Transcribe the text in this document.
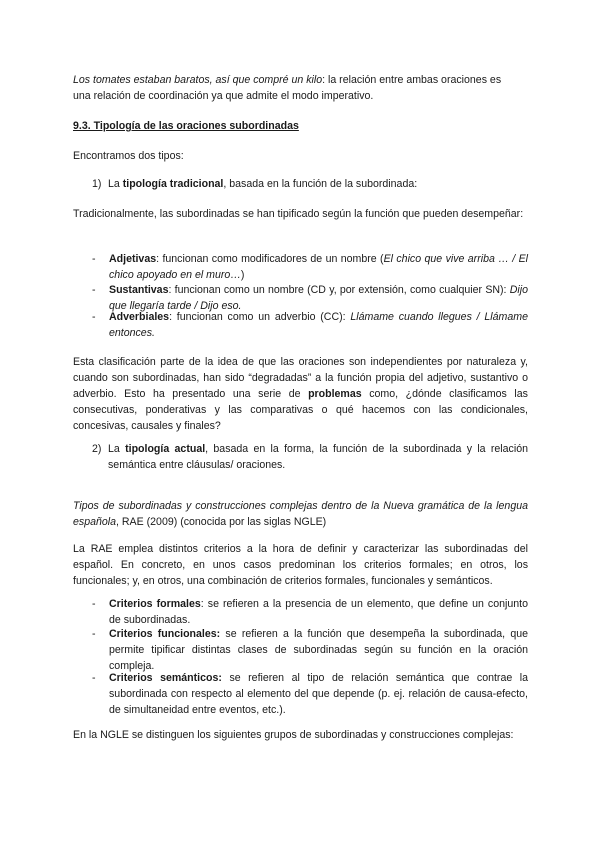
Los tomates estaban baratos, así que compré un kilo: la relación entre ambas oraciones es
una relación de coordinación ya que admite el modo imperativo.

9.3. Tipología de las oraciones subordinadas

Encontramos dos tipos:

1) La tipología tradicional, basada en la función de la subordinada:

Tradicionalmente, las subordinadas se han tipificado según la función que pueden desempeñar:

- Adjetivas: funcionan como modificadores de un nombre (El chico que vive arriba … / El chico apoyado en el muro…)

- Sustantivas: funcionan como un nombre (CD y, por extensión, como cualquier SN): Dijo que llegaría tarde / Dijo eso.

- Adverbiales: funcionan como un adverbio (CC): Llámame cuando llegues / Llámame entonces.

Esta clasificación parte de la idea de que las oraciones son independientes por naturaleza y, cuando son subordinadas, han sido “degradadas” a la función propia del adjetivo, sustantivo o adverbio. Esto ha presentado una serie de problemas como, ¿dónde clasificamos las consecutivas, ponderativas y las comparativas o qué hacemos con las condicionales, concesivas, causales y finales?

2) La tipología actual, basada en la forma, la función de la subordinada y la relación semántica entre cláusulas/ oraciones.

Tipos de subordinadas y construcciones complejas dentro de la Nueva gramática de la lengua española, RAE (2009) (conocida por las siglas NGLE)

La RAE emplea distintos criterios a la hora de definir y caracterizar las subordinadas del español. En concreto, en unos casos predominan los criterios formales; en otros, los funcionales; y, en otros, una combinación de criterios formales, funcionales y semánticos.

- Criterios formales: se refieren a la presencia de un elemento, que define un conjunto de subordinadas.

- Criterios funcionales: se refieren a la función que desempeña la subordinada, que permite tipificar distintas clases de subordinadas según su función en la oración compleja.

- Criterios semánticos: se refieren al tipo de relación semántica que contrae la subordinada con respecto al elemento del que depende (p. ej. relación de causa-efecto, de simultaneidad entre eventos, etc.).

En la NGLE se distinguen los siguientes grupos de subordinadas y construcciones complejas:
